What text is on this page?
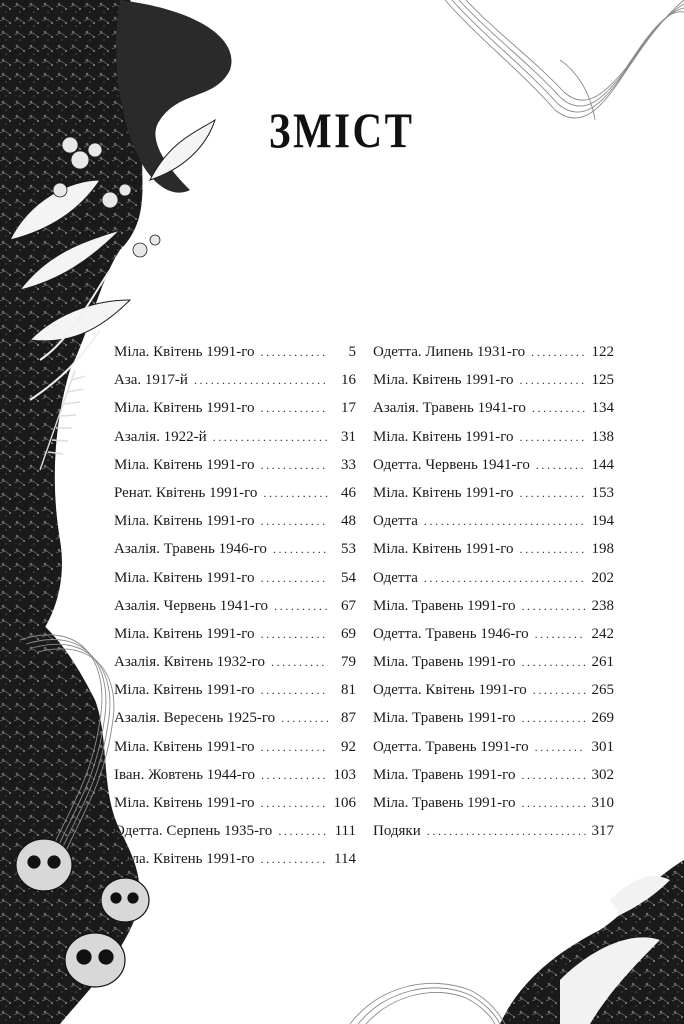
ЗМІСТ
Міла. Квітень 1991-го .....	5
Аза. 1917-й .....	16
Міла. Квітень 1991-го .....	17
Азалія. 1922-й .....	31
Міла. Квітень 1991-го .....	33
Ренат. Квітень 1991-го .....	46
Міла. Квітень 1991-го .....	48
Азалія. Травень 1946-го .....	53
Міла. Квітень 1991-го .....	54
Азалія. Червень 1941-го .....	67
Міла. Квітень 1991-го .....	69
Азалія. Квітень 1932-го .....	79
Міла. Квітень 1991-го .....	81
Азалія. Вересень 1925-го .....	87
Міла. Квітень 1991-го .....	92
Іван. Жовтень 1944-го .....	103
Міла. Квітень 1991-го .....	106
Одетта. Серпень 1935-го .....	111
Міла. Квітень 1991-го .....	114
Одетта. Липень 1931-го .....	122
Міла. Квітень 1991-го .....	125
Азалія. Травень 1941-го .....	134
Міла. Квітень 1991-го .....	138
Одетта. Червень 1941-го .....	144
Міла. Квітень 1991-го .....	153
Одетта .....	194
Міла. Квітень 1991-го .....	198
Одетта .....	202
Міла. Травень 1991-го .....	238
Одетта. Травень 1946-го .....	242
Міла. Травень 1991-го .....	261
Одетта. Квітень 1991-го .....	265
Міла. Травень 1991-го .....	269
Одетта. Травень 1991-го .....	301
Міла. Травень 1991-го .....	302
Міла. Травень 1991-го .....	310
Подяки .....	317
